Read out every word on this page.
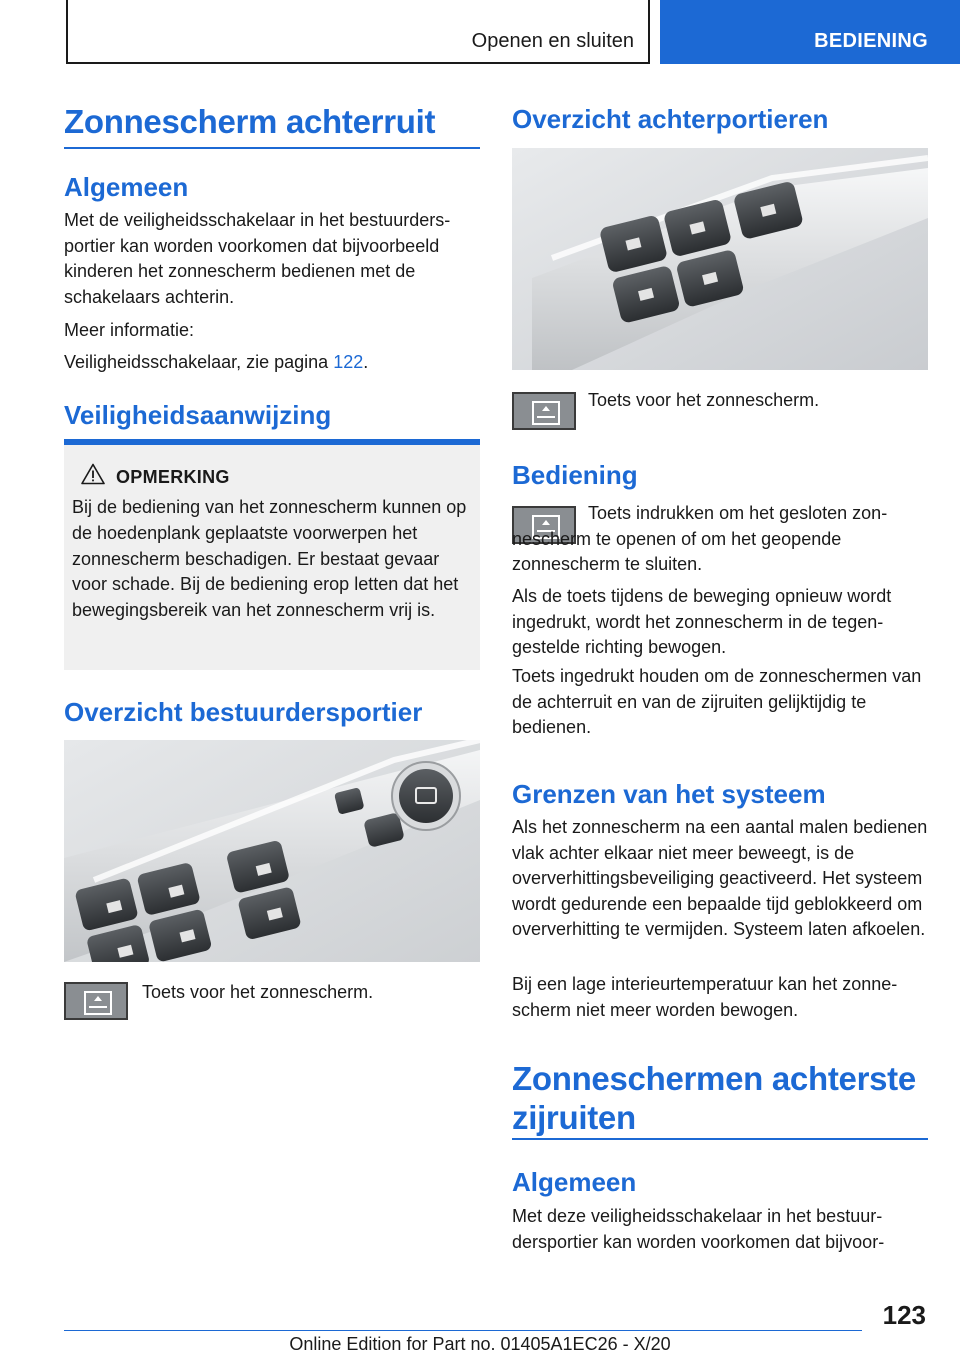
Openen en sluiten	BEDIENING
Zonnescherm achterruit
Algemeen
Met de veiligheidsschakelaar in het bestuurdersportier kan worden voorkomen dat bijvoorbeeld kinderen het zonnescherm bedienen met de schakelaars achterin.
Meer informatie:
Veiligheidsschakelaar, zie pagina 122.
Veiligheidsaanwijzing
OPMERKING
Bij de bediening van het zonnescherm kunnen op de hoedenplank geplaatste voorwerpen het zonnescherm beschadigen. Er bestaat gevaar voor schade. Bij de bediening erop letten dat het bewegingsbereik van het zonnescherm vrij is.
Overzicht bestuurdersportier
Toets voor het zonnescherm.
Overzicht achterportieren
Toets voor het zonnescherm.
Bediening
Toets indrukken om het gesloten zonnescherm te openen of om het geopende zonnescherm te sluiten.
Als de toets tijdens de beweging opnieuw wordt ingedrukt, wordt het zonnescherm in de tegengestelde richting bewogen.
Toets ingedrukt houden om de zonneschermen van de achterruit en van de zijruiten gelijktijdig te bedienen.
Grenzen van het systeem
Als het zonnescherm na een aantal malen bedienen vlak achter elkaar niet meer beweegt, is de oververhittingsbeveiliging geactiveerd. Het systeem wordt gedurende een bepaalde tijd geblokkeerd om oververhitting te vermijden. Systeem laten afkoelen.
Bij een lage interieurtemperatuur kan het zonnescherm niet meer worden bewogen.
Zonneschermen achterste zijruiten
Algemeen
Met deze veiligheidsschakelaar in het bestuurdersportier kan worden voorkomen dat bijvoor-
123
Online Edition for Part no. 01405A1EC26 - X/20
